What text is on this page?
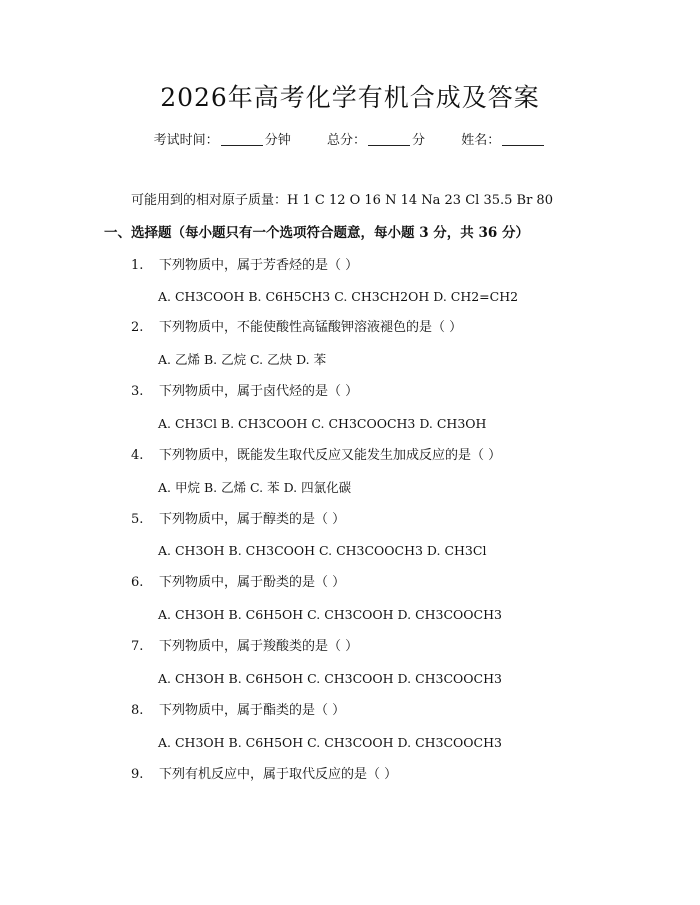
2026年高考化学有机合成及答案
考试时间：	分钟	总分：	分	姓名：
可能用到的相对原子质量：H 1 C 12 O 16 N 14 Na 23 Cl 35.5 Br 80
一、选择题（每小题只有一个选项符合题意，每小题 3 分，共 36 分）
1. 下列物质中，属于芳香烃的是（ ）
A. CH3COOH B. C6H5CH3 C. CH3CH2OH D. CH2=CH2
2. 下列物质中，不能使酸性高锰酸钾溶液褪色的是（ ）
A. 乙烯 B. 乙烷 C. 乙炔 D. 苯
3. 下列物质中，属于卤代烃的是（ ）
A. CH3Cl B. CH3COOH C. CH3COOCH3 D. CH3OH
4. 下列物质中，既能发生取代反应又能发生加成反应的是（ ）
A. 甲烷 B. 乙烯 C. 苯 D. 四氯化碳
5. 下列物质中，属于醇类的是（ ）
A. CH3OH B. CH3COOH C. CH3COOCH3 D. CH3Cl
6. 下列物质中，属于酚类的是（ ）
A. CH3OH B. C6H5OH C. CH3COOH D. CH3COOCH3
7. 下列物质中，属于羧酸类的是（ ）
A. CH3OH B. C6H5OH C. CH3COOH D. CH3COOCH3
8. 下列物质中，属于酯类的是（ ）
A. CH3OH B. C6H5OH C. CH3COOH D. CH3COOCH3
9. 下列有机反应中，属于取代反应的是（ ）
